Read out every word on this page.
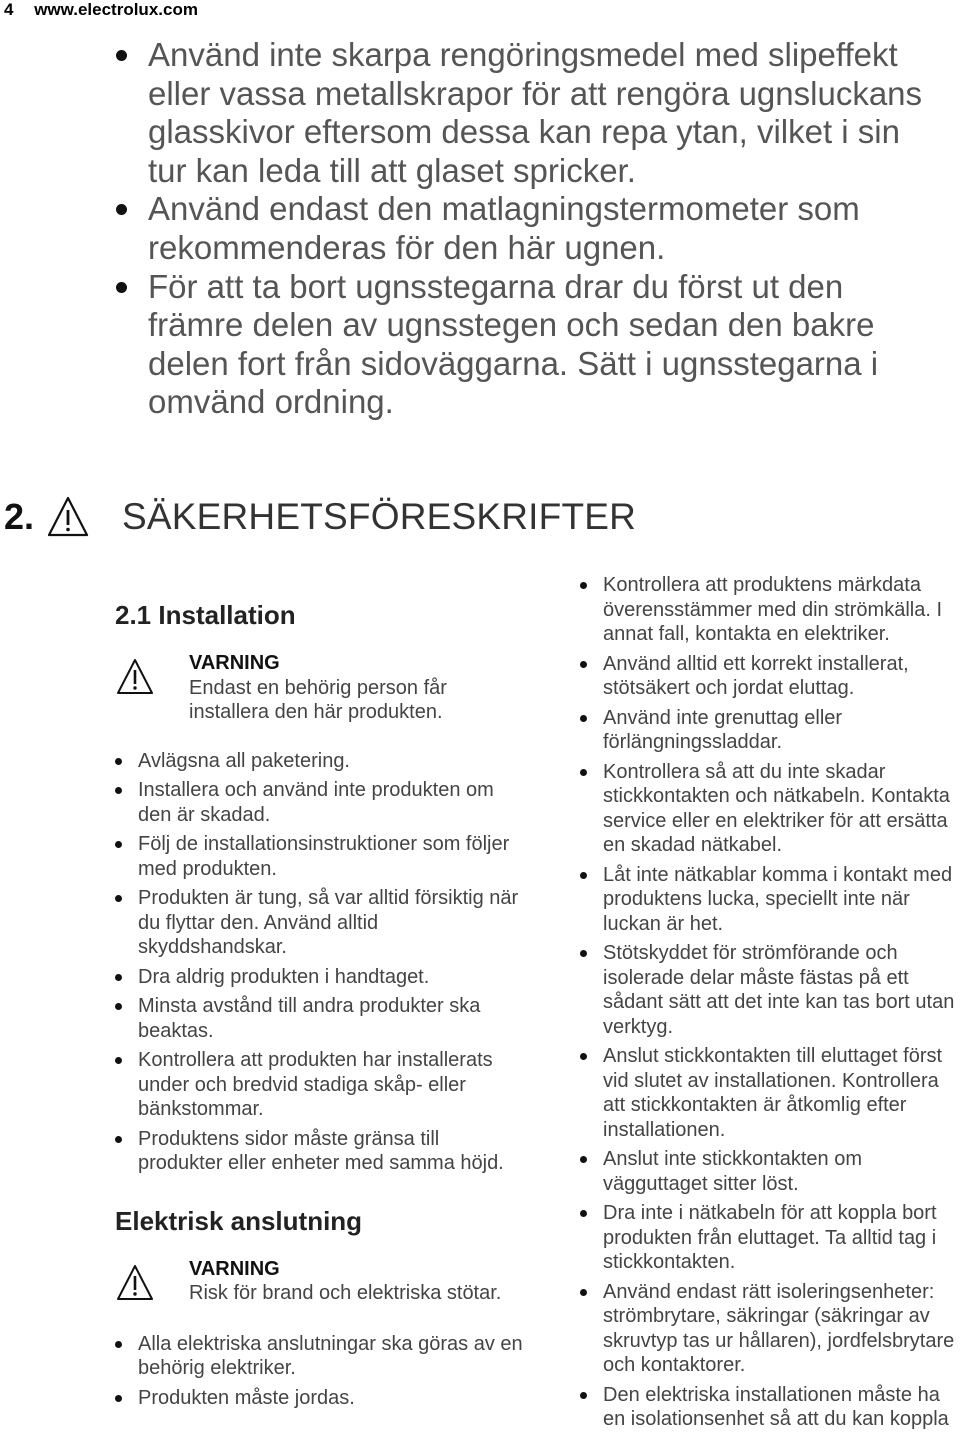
4 www.electrolux.com
Använd inte skarpa rengöringsmedel med slipeffekt eller vassa metallskrapor för att rengöra ugnsluckans glasskivor eftersom dessa kan repa ytan, vilket i sin tur kan leda till att glaset spricker.
Använd endast den matlagningstermometer som rekommenderas för den här ugnen.
För att ta bort ugnsstegarna drar du först ut den främre delen av ugnsstegen och sedan den bakre delen fort från sidoväggarna. Sätt i ugnsstegarna i omvänd ordning.
2. SÄKERHETSFÖRESKRIFTER
2.1 Installation
VARNING
Endast en behörig person får installera den här produkten.
Avlägsna all paketering.
Installera och använd inte produkten om den är skadad.
Följ de installationsinstruktioner som följer med produkten.
Produkten är tung, så var alltid försiktig när du flyttar den. Använd alltid skyddshandskar.
Dra aldrig produkten i handtaget.
Minsta avstånd till andra produkter ska beaktas.
Kontrollera att produkten har installerats under och bredvid stadiga skåp- eller bänkstommar.
Produktens sidor måste gränsa till produkter eller enheter med samma höjd.
Elektrisk anslutning
VARNING
Risk för brand och elektriska stötar.
Alla elektriska anslutningar ska göras av en behörig elektriker.
Produkten måste jordas.
Kontrollera att produktens märkdata överensstämmer med din strömkälla. I annat fall, kontakta en elektriker.
Använd alltid ett korrekt installerat, stötsäkert och jordat eluttag.
Använd inte grenuttag eller förlängningssladdar.
Kontrollera så att du inte skadar stickkontakten och nätkabeln. Kontakta service eller en elektriker för att ersätta en skadad nätkabel.
Låt inte nätkablar komma i kontakt med produktens lucka, speciellt inte när luckan är het.
Stötskyddet för strömförande och isolerade delar måste fästas på ett sådant sätt att det inte kan tas bort utan verktyg.
Anslut stickkontakten till eluttaget först vid slutet av installationen. Kontrollera att stickkontakten är åtkomlig efter installationen.
Anslut inte stickkontakten om vägguttaget sitter löst.
Dra inte i nätkabeln för att koppla bort produkten från eluttaget. Ta alltid tag i stickkontakten.
Använd endast rätt isoleringsenheter: strömbrytare, säkringar (säkringar av skruvtyp tas ur hållaren), jordfelsbrytare och kontaktorer.
Den elektriska installationen måste ha en isolationsenhet så att du kan koppla
